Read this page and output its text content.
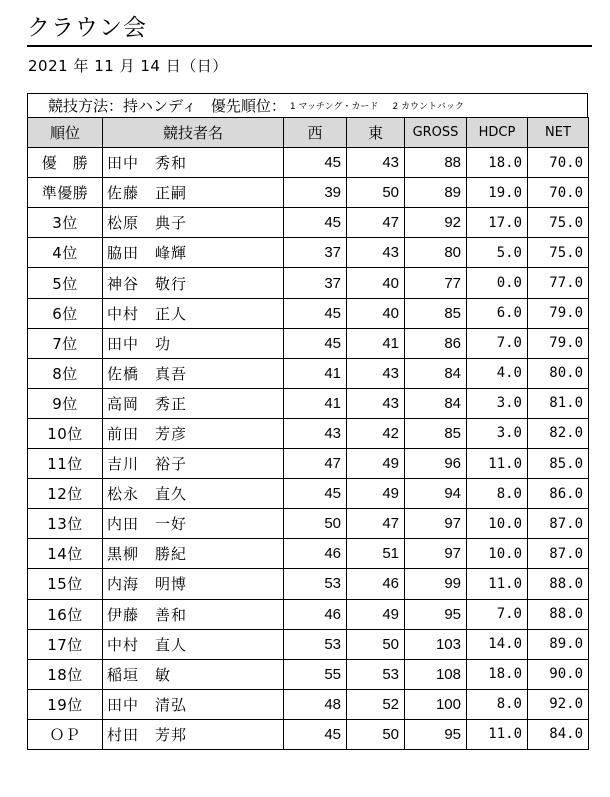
クラウン会
2021 年 11 月 14 日（日）
競技方法：持ハンディ 優先順位： 1 マッチング・カード 2 カウントバック
順位	競技者名	西	東	GROSS	HDCP	NET
優　勝	田中　秀和	45	43	88	18.0	70.0
準優勝	佐藤　正嗣	39	50	89	19.0	70.0
3位	松原　典子	45	47	92	17.0	75.0
4位	脇田　峰輝	37	43	80	5.0	75.0
5位	神谷　敬行	37	40	77	0.0	77.0
6位	中村　正人	45	40	85	6.0	79.0
7位	田中　功	45	41	86	7.0	79.0
8位	佐橋　真吾	41	43	84	4.0	80.0
9位	高岡　秀正	41	43	84	3.0	81.0
10位	前田　芳彦	43	42	85	3.0	82.0
11位	吉川　裕子	47	49	96	11.0	85.0
12位	松永　直久	45	49	94	8.0	86.0
13位	内田　一好	50	47	97	10.0	87.0
14位	黒柳　勝紀	46	51	97	10.0	87.0
15位	内海　明博	53	46	99	11.0	88.0
16位	伊藤　善和	46	49	95	7.0	88.0
17位	中村　直人	53	50	103	14.0	89.0
18位	稲垣　敏	55	53	108	18.0	90.0
19位	田中　清弘	48	52	100	8.0	92.0
ＯＰ	村田　芳邦	45	50	95	11.0	84.0
